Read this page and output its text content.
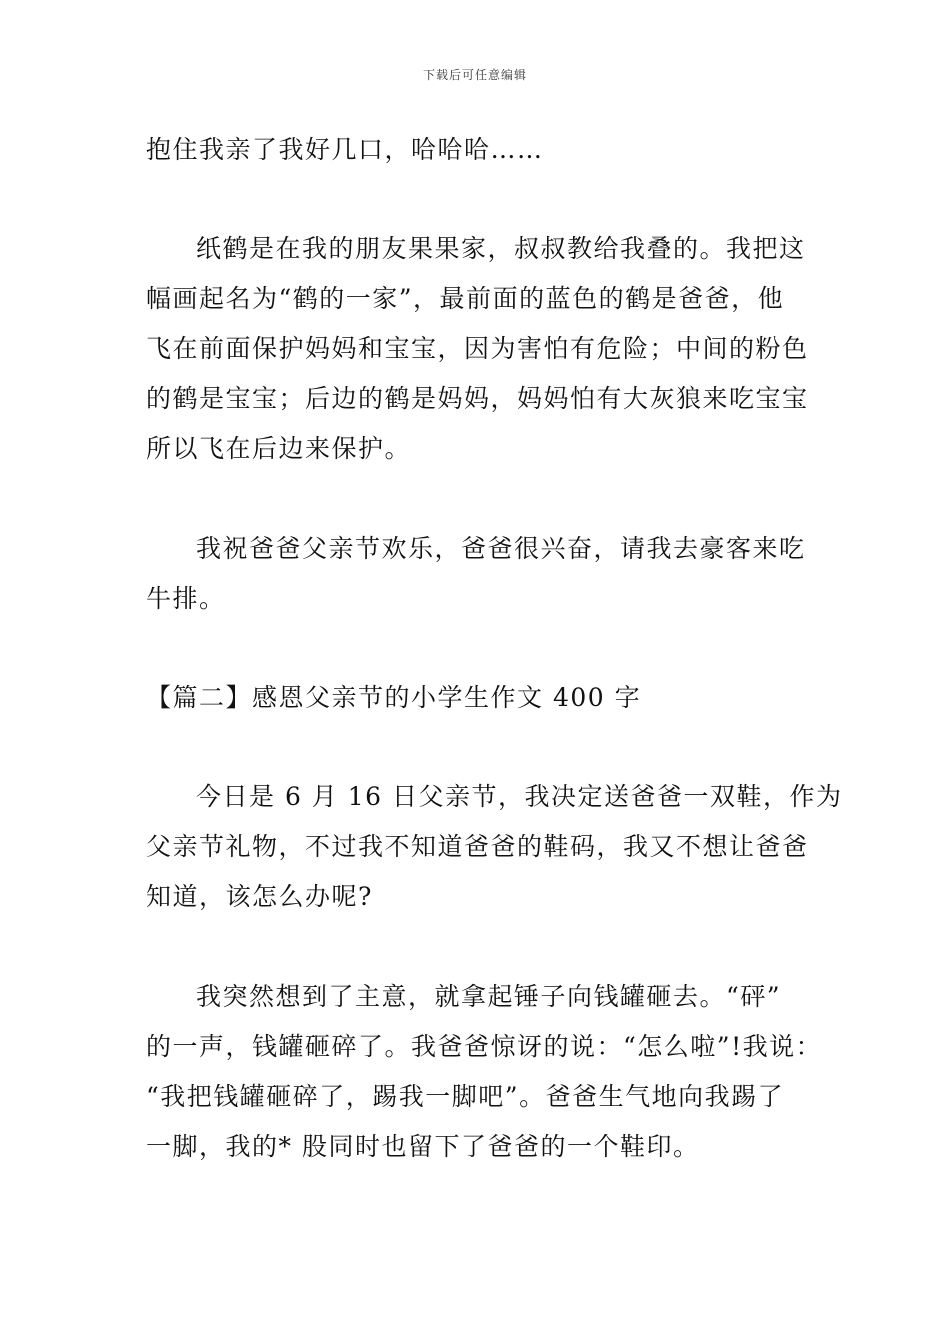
下载后可任意编辑
抱住我亲了我好几口，哈哈哈……
纸鹤是在我的朋友果果家，叔叔教给我叠的。我把这
幅画起名为“鹤的一家”，最前面的蓝色的鹤是爸爸，他
飞在前面保护妈妈和宝宝，因为害怕有危险；中间的粉色
的鹤是宝宝；后边的鹤是妈妈，妈妈怕有大灰狼来吃宝宝
所以飞在后边来保护。
我祝爸爸父亲节欢乐，爸爸很兴奋，请我去豪客来吃
牛排。
【篇二】感恩父亲节的小学生作文 400 字
今日是 6 月 16 日父亲节，我决定送爸爸一双鞋，作为
父亲节礼物，不过我不知道爸爸的鞋码，我又不想让爸爸
知道，该怎么办呢?
我突然想到了主意，就拿起锤子向钱罐砸去。“砰”
的一声，钱罐砸碎了。我爸爸惊讶的说：“怎么啦”!我说：
“我把钱罐砸碎了，踢我一脚吧”。爸爸生气地向我踢了
一脚，我的* 股同时也留下了爸爸的一个鞋印。
